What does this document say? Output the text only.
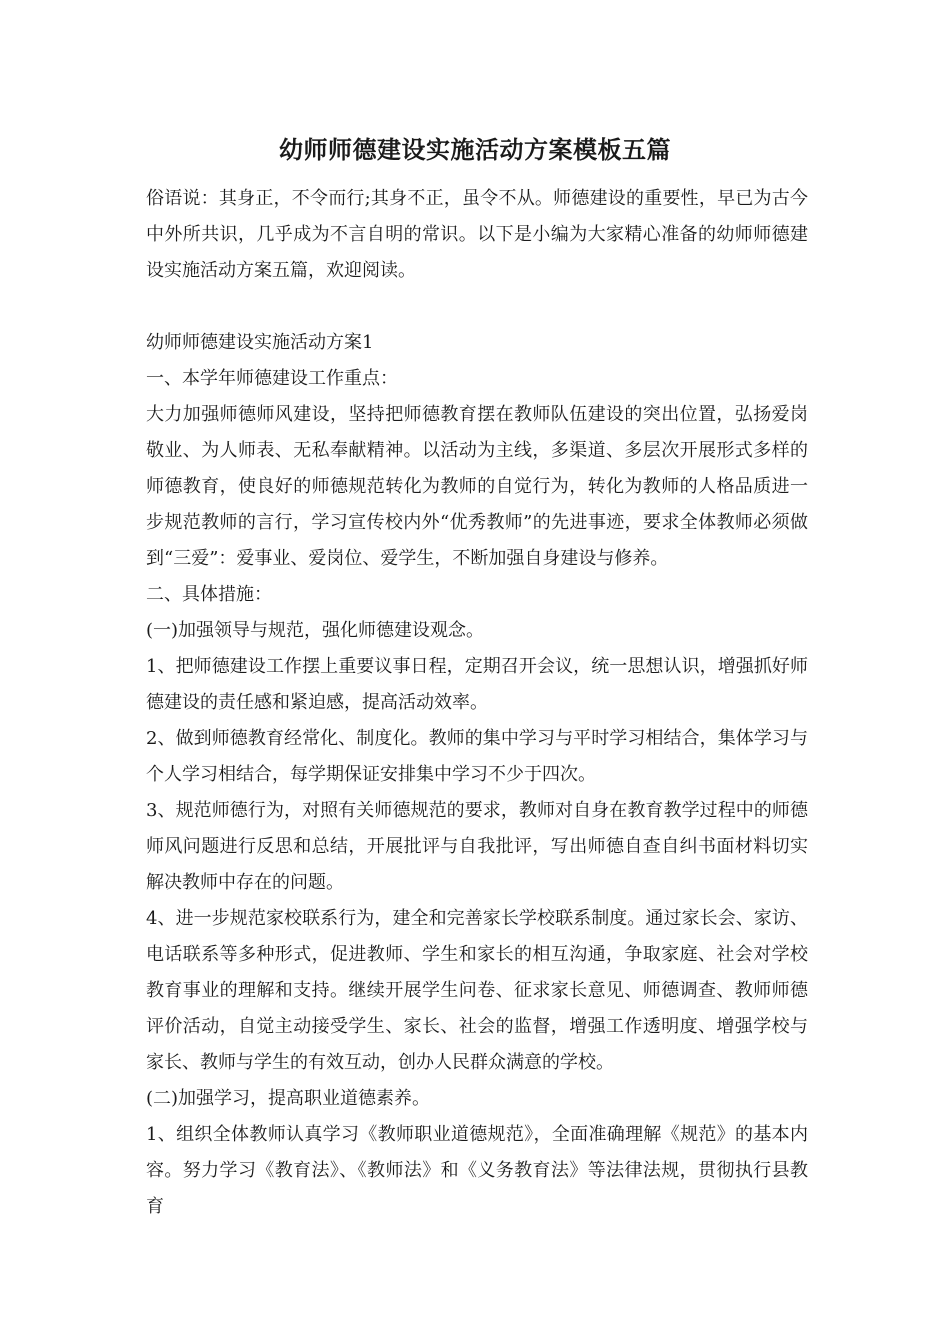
幼师师德建设实施活动方案模板五篇

俗语说：其身正，不令而行;其身不正，虽令不从。师德建设的重要性，早已为古今中外所共识，几乎成为不言自明的常识。以下是小编为大家精心准备的幼师师德建设实施活动方案五篇，欢迎阅读。

幼师师德建设实施活动方案1

一、本学年师德建设工作重点：

大力加强师德师风建设，坚持把师德教育摆在教师队伍建设的突出位置，弘扬爱岗敬业、为人师表、无私奉献精神。以活动为主线，多渠道、多层次开展形式多样的师德教育，使良好的师德规范转化为教师的自觉行为，转化为教师的人格品质进一步规范教师的言行，学习宣传校内外“优秀教师”的先进事迹，要求全体教师必须做到“三爱”：爱事业、爱岗位、爱学生，不断加强自身建设与修养。

二、具体措施：

(一)加强领导与规范，强化师德建设观念。

1、把师德建设工作摆上重要议事日程，定期召开会议，统一思想认识，增强抓好师德建设的责任感和紧迫感，提高活动效率。

2、做到师德教育经常化、制度化。教师的集中学习与平时学习相结合，集体学习与个人学习相结合，每学期保证安排集中学习不少于四次。

3、规范师德行为，对照有关师德规范的要求，教师对自身在教育教学过程中的师德师风问题进行反思和总结，开展批评与自我批评，写出师德自查自纠书面材料切实解决教师中存在的问题。

4、进一步规范家校联系行为，建全和完善家长学校联系制度。通过家长会、家访、电话联系等多种形式，促进教师、学生和家长的相互沟通，争取家庭、社会对学校教育事业的理解和支持。继续开展学生问卷、征求家长意见、师德调查、教师师德评价活动，自觉主动接受学生、家长、社会的监督，增强工作透明度、增强学校与家长、教师与学生的有效互动，创办人民群众满意的学校。

(二)加强学习，提高职业道德素养。

1、组织全体教师认真学习《教师职业道德规范》，全面准确理解《规范》的基本内容。努力学习《教育法》、《教师法》和《义务教育法》等法律法规，贯彻执行县教育
